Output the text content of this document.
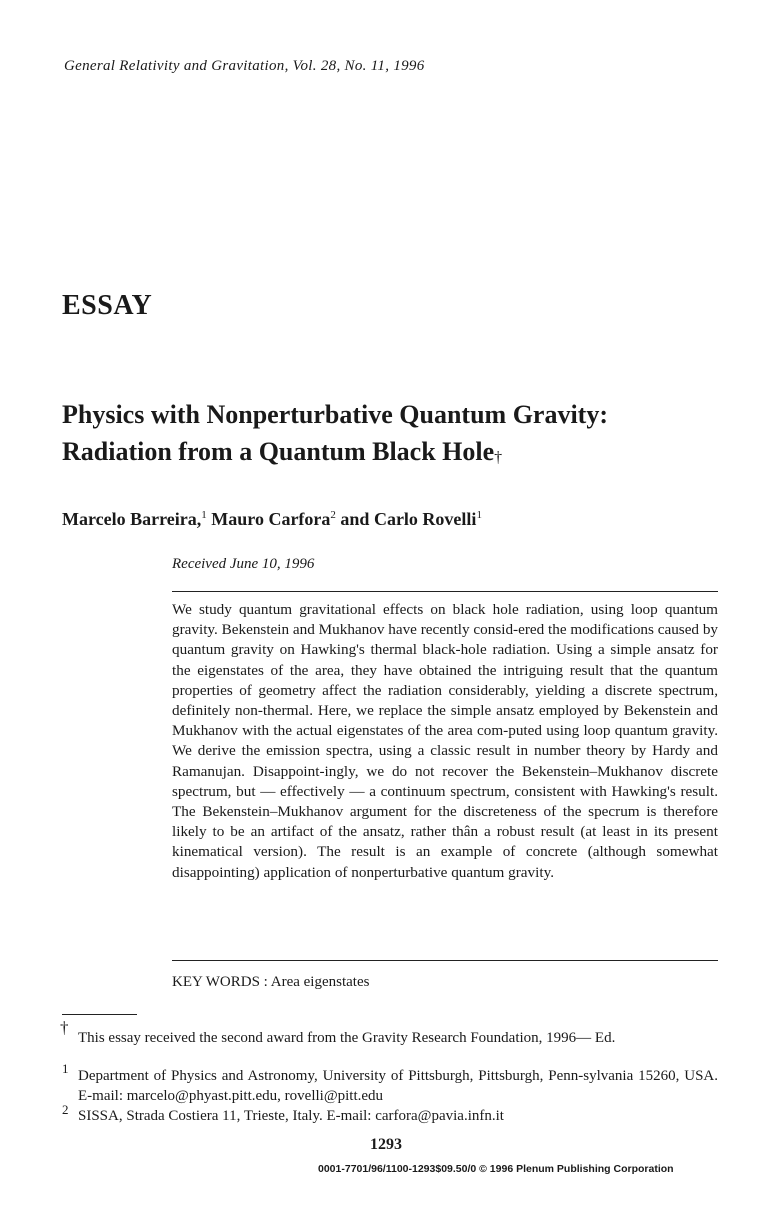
General Relativity and Gravitation, Vol. 28, No. 11, 1996
ESSAY
Physics with Nonperturbative Quantum Gravity:
Radiation from a Quantum Black Hole†
Marcelo Barreira,$^1$ Mauro Carfora$^2$ and Carlo Rovelli$^1$
Received June 10, 1996
We study quantum gravitational effects on black hole radiation, using loop quantum gravity. Bekenstein and Mukhanov have recently consid-ered the modifications caused by quantum gravity on Hawking's thermal black-hole radiation. Using a simple ansatz for the eigenstates of the area, they have obtained the intriguing result that the quantum properties of geometry affect the radiation considerably, yielding a discrete spectrum, definitely non-thermal. Here, we replace the simple ansatz employed by Bekenstein and Mukhanov with the actual eigenstates of the area com-puted using loop quantum gravity. We derive the emission spectra, using a classic result in number theory by Hardy and Ramanujan. Disappoint-ingly, we do not recover the Bekenstein–Mukhanov discrete spectrum, but — effectively — a continuum spectrum, consistent with Hawking's result. The Bekenstein–Mukhanov argument for the discreteness of the specrum is therefore likely to be an artifact of the ansatz, rather thân a robust result (at least in its present kinematical version). The result is an example of concrete (although somewhat disappointing) application of nonperturbative quantum gravity.
KEY WORDS : Area eigenstates
†
This essay received the second award from the Gravity Research Foundation, 1996— Ed.
1 Department of Physics and Astronomy, University of Pittsburgh, Pittsburgh, Penn-sylvania 15260, USA. E-mail: marcelo@phyast.pitt.edu, rovelli@pitt.edu
2 SISSA, Strada Costiera 11, Trieste, Italy. E-mail: carfora@pavia.infn.it
1293
0001-7701/96/1100-1293$09.50/0 © 1996 Plenum Publishing Corporation
